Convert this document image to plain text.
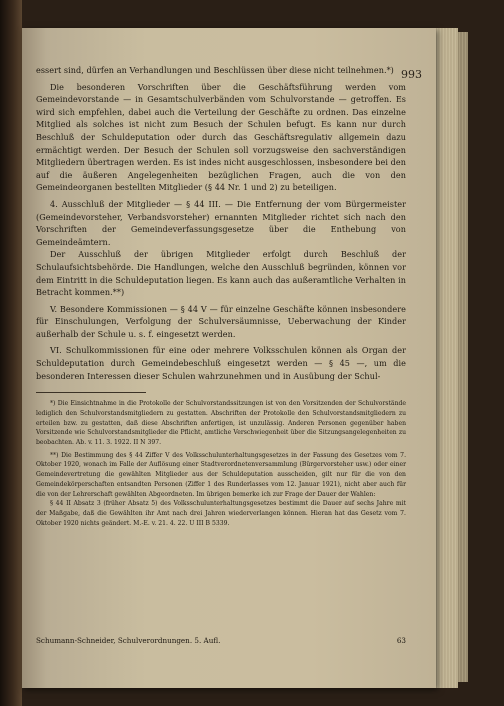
993

essert sind, dürfen an Verhandlungen und Beschlüssen über diese nicht teilnehmen.*)

Die besonderen Vorschriften über die Geschäftsführung werden vom Gemeindevorstande — in Gesamtschulverbänden vom Schulvorstande — getroffen. Es wird sich empfehlen, dabei auch die Verteilung der Geschäfte zu ordnen. Das einzelne Mitglied als solches ist nicht zum Besuch der Schulen befugt. Es kann nur durch Beschluß der Schuldeputation oder durch das Geschäftsregulativ allgemein dazu ermächtigt werden. Der Besuch der Schulen soll vorzugsweise den sachverständigen Mitgliedern übertragen werden. Es ist indes nicht ausgeschlossen, insbesondere bei den auf die äußeren Angelegenheiten bezüglichen Fragen, auch die von den Gemeindeorganen bestellten Mitglieder (§ 44 Nr. 1 und 2) zu beteiligen.

4. Ausschluß der Mitglieder — § 44 III. — Die Entfernung der vom Bürgermeister (Gemeindevorsteher, Verbandsvorsteher) ernannten Mitglieder richtet sich nach den Vorschriften der Gemeindeverfassungsgesetze über die Enthebung von Gemeindeämtern.

Der Ausschluß der übrigen Mitglieder erfolgt durch Beschluß der Schulaufsichtsbehörde. Die Handlungen, welche den Ausschluß begründen, können vor dem Eintritt in die Schuldeputation liegen. Es kann auch das außeramtliche Verhalten in Betracht kommen.**)

V. Besondere Kommissionen — § 44 V — für einzelne Geschäfte können insbesondere für Einschulungen, Verfolgung der Schulversäumnisse, Ueberwachung der Kinder außerhalb der Schule u. s. f. eingesetzt werden.

VI. Schulkommissionen für eine oder mehrere Volksschulen können als Organ der Schuldeputation durch Gemeindebeschluß eingesetzt werden — § 45 —, um die besonderen Interessen dieser Schulen wahrzunehmen und in Ausübung der Schul-

*) Die Einsichtnahme in die Protokolle der Schulvorstandssitzungen ist von den Vorsitzenden der Schulvorstände lediglich den Schulvorstandsmitgliedern zu gestatten. Abschriften der Protokolle den Schulvorstandsmitgliedern zu erteilen bzw. zu gestatten, daß diese Abschriften anfertigen, ist unzulässig. Anderen Personen gegenüber haben Vorsitzende wie Schulvorstandsmitglieder die Pflicht, amtliche Verschwiegenheit über die Sitzungsangelegenheiten zu beobachten. Ab. v. 11. 3. 1922. II N 397.

**) Die Bestimmung des § 44 Ziffer V des Volksschulunterhaltungsgesetzes in der Fassung des Gesetzes vom 7. Oktober 1920, wonach im Falle der Auflösung einer Stadtverordnetenversammlung (Bürgervorsteher usw.) oder einer Gemeindevertretung die gewählten Mitglieder aus der Schuldeputation ausscheiden, gilt nur für die von den Gemeindekörperschaften entsandten Personen (Ziffer 1 des Runderlasses vom 12. Januar 1921), nicht aber auch für die von der Lehrerschaft gewählten Abgeordneten. Im übrigen bemerke ich zur Frage der Dauer der Wahlen:

§ 44 II Absatz 3 (früher Absatz 5) des Volksschulunterhaltungsgesetzes bestimmt die Dauer auf sechs Jahre mit der Maßgabe, daß die Gewählten ihr Amt nach drei Jahren wiederverlangen können. Hieran hat das Gesetz vom 7. Oktober 1920 nichts geändert. M.-E. v. 21. 4. 22. U III B 5339.

Schumann-Schneider, Schulverordnungen. 5. Aufl.	63
